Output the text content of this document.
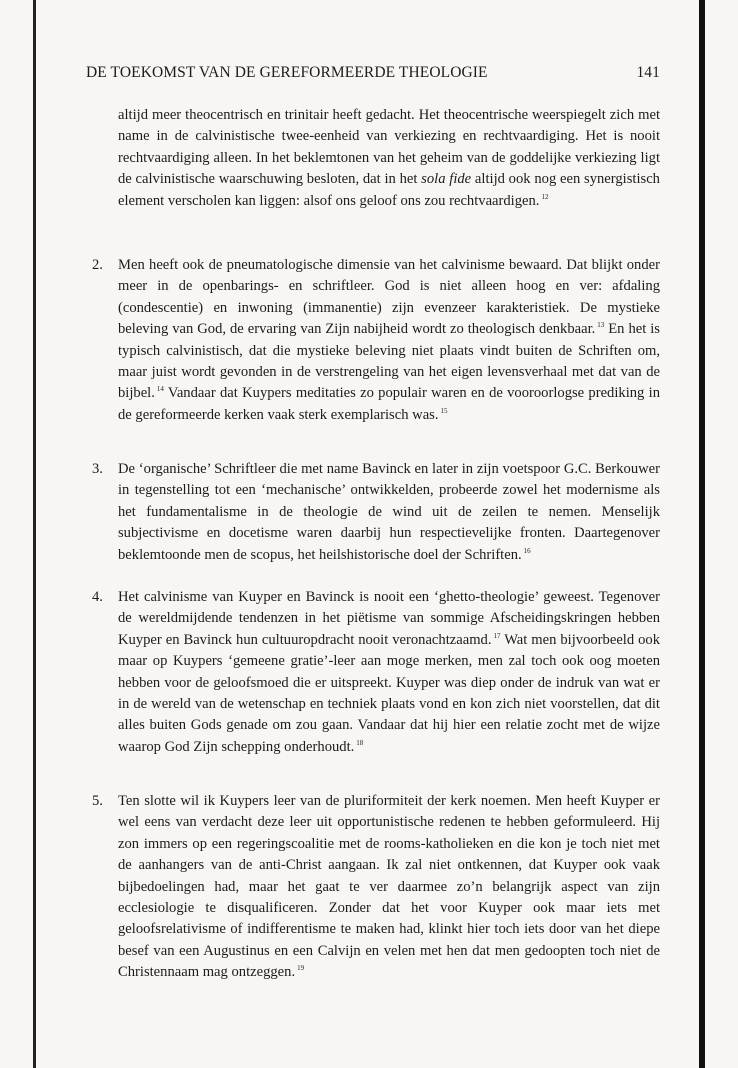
DE TOEKOMST VAN DE GEREFORMEERDE THEOLOGIE	141
altijd meer theocentrisch en trinitair heeft gedacht. Het theocentrische weerspiegelt zich met name in de calvinistische twee-eenheid van verkiezing en rechtvaardiging. Het is nooit rechtvaardiging alleen. In het beklemtonen van het geheim van de goddelijke verkiezing ligt de calvinistische waarschuwing besloten, dat in het sola fide altijd ook nog een synergistisch element verscholen kan liggen: alsof ons geloof ons zou rechtvaardigen. $^{12}$
2.	Men heeft ook de pneumatologische dimensie van het calvinisme bewaard. Dat blijkt onder meer in de openbarings- en schriftleer. God is niet alleen hoog en ver: afdaling (condescentie) en inwoning (immanentie) zijn evenzeer karakteristiek. De mystieke beleving van God, de ervaring van Zijn nabijheid wordt zo theologisch denkbaar. $^{13}$ En het is typisch calvinistisch, dat die mystieke beleving niet plaats vindt buiten de Schriften om, maar juist wordt gevonden in de verstrengeling van het eigen levensverhaal met dat van de bijbel. $^{14}$ Vandaar dat Kuypers meditaties zo populair waren en de vooroorlogse prediking in de gereformeerde kerken vaak sterk exemplarisch was. $^{15}$
3.	De ‘organische’ Schriftleer die met name Bavinck en later in zijn voetspoor G.C. Berkouwer in tegenstelling tot een ‘mechanische’ ontwikkelden, probeerde zowel het modernisme als het fundamentalisme in de theologie de wind uit de zeilen te nemen. Menselijk subjectivisme en docetisme waren daarbij hun respectievelijke fronten. Daartegenover beklemtoonde men de scopus, het heilshistorische doel der Schriften. $^{16}$
4.	Het calvinisme van Kuyper en Bavinck is nooit een ‘ghetto-theologie’ geweest. Tegenover de wereldmijdende tendenzen in het piëtisme van sommige Afscheidingskringen hebben Kuyper en Bavinck hun cultuuropdracht nooit veronachtzaamd. $^{17}$ Wat men bijvoorbeeld ook maar op Kuypers ‘gemeene gratie’-leer aan moge merken, men zal toch ook oog moeten hebben voor de geloofsmoed die er uitspreekt. Kuyper was diep onder de indruk van wat er in de wereld van de wetenschap en techniek plaats vond en kon zich niet voorstellen, dat dit alles buiten Gods genade om zou gaan. Vandaar dat hij hier een relatie zocht met de wijze waarop God Zijn schepping onderhoudt. $^{18}$
5.	Ten slotte wil ik Kuypers leer van de pluriformiteit der kerk noemen. Men heeft Kuyper er wel eens van verdacht deze leer uit opportunistische redenen te hebben geformuleerd. Hij zon immers op een regeringscoalitie met de rooms-katholieken en die kon je toch niet met de aanhangers van de anti-Christ aangaan. Ik zal niet ontkennen, dat Kuyper ook vaak bijbedoelingen had, maar het gaat te ver daarmee zo’n belangrijk aspect van zijn ecclesiologie te disqualificeren. Zonder dat het voor Kuyper ook maar iets met geloofsrelativisme of indifferentisme te maken had, klinkt hier toch iets door van het diepe besef van een Augustinus en een Calvijn en velen met hen dat men gedoopten toch niet de Christennaam mag ontzeggen. $^{19}$
